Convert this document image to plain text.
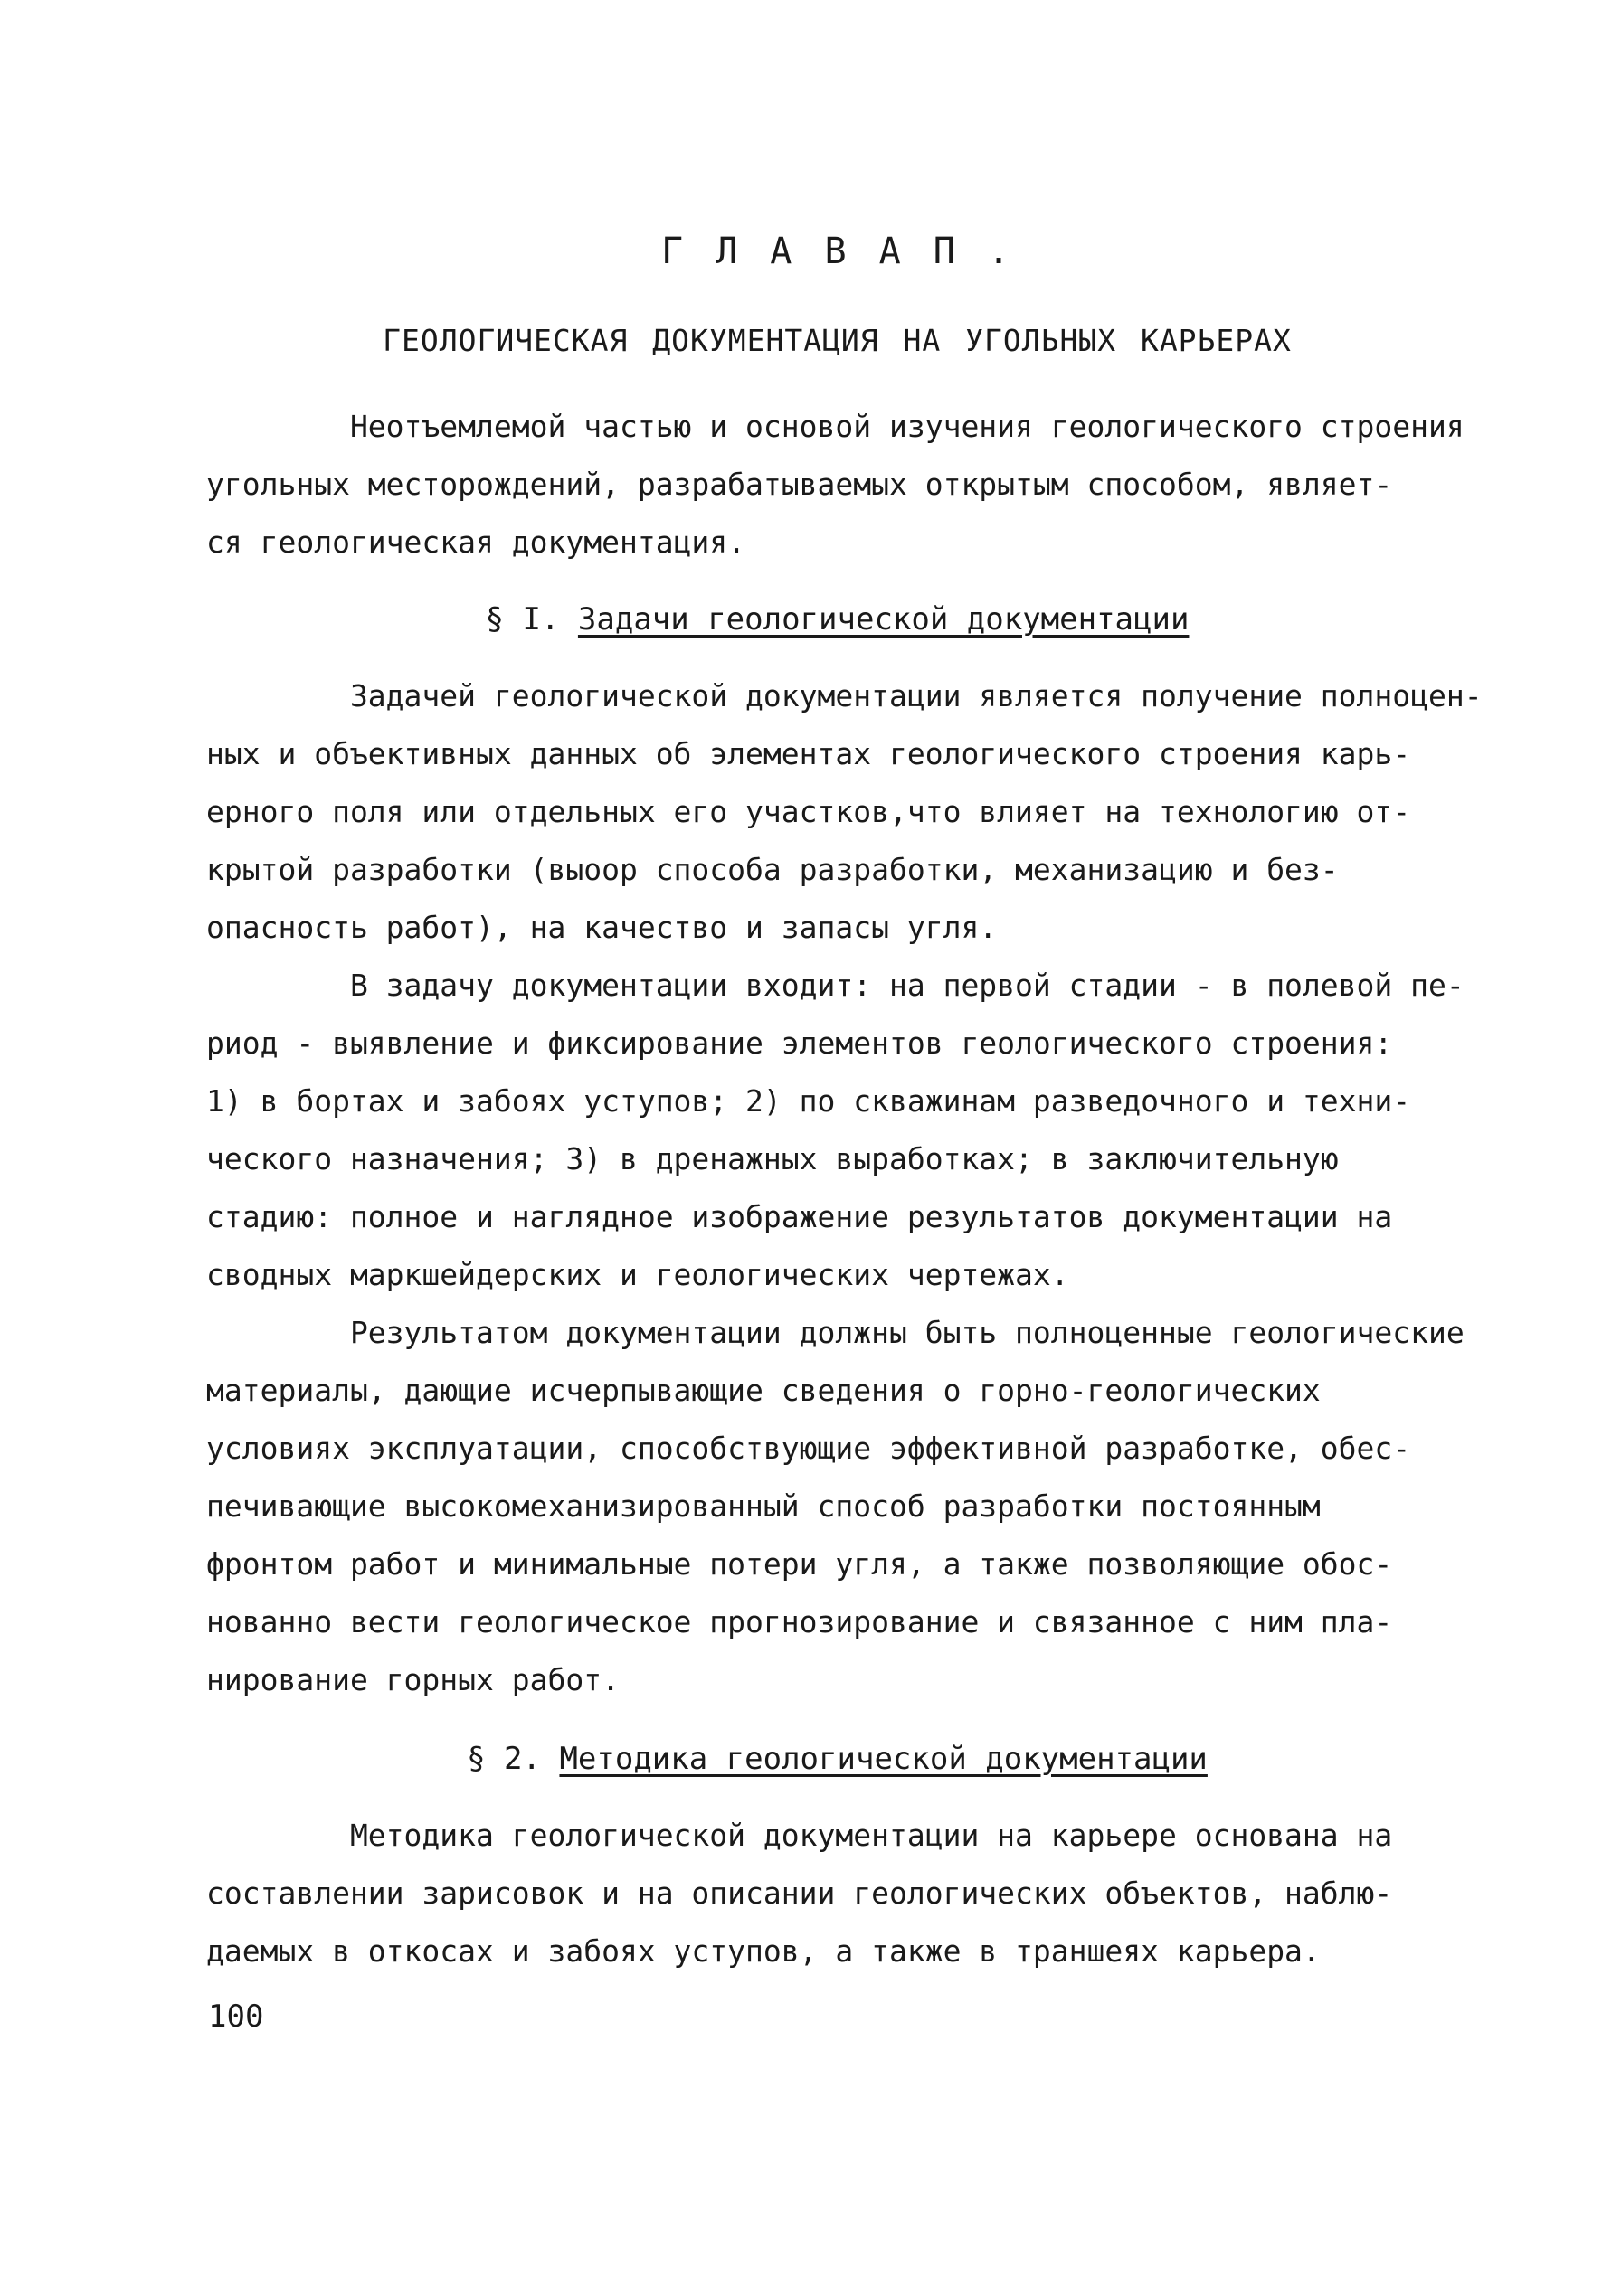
Г Л А В А П .
ГЕОЛОГИЧЕСКАЯ ДОКУМЕНТАЦИЯ НА УГОЛЬНЫХ КАРЬЕРАХ
Неотъемлемой частью и основой изучения геологического строения
угольных месторождений, разрабатываемых открытым способом, являет-
ся геологическая документация.
§ I. Задачи геологической документации
Задачей геологической документации является получение полноцен-
ных и объективных данных об элементах геологического строения карь-
ерного поля или отдельных его участков,что влияет на технологию от-
крытой разработки (выоор способа разработки, механизацию и без-
опасность работ), на качество и запасы угля.
В задачу документации входит: на первой стадии - в полевой пе-
риод - выявление и фиксирование элементов геологического строения:
1) в бортах и забоях уступов; 2) по скважинам разведочного и техни-
ческого назначения; 3) в дренажных выработках; в заключительную
стадию: полное и наглядное изображение результатов документации на
сводных маркшейдерских и геологических чертежах.
Результатом документации должны быть полноценные геологические
материалы, дающие исчерпывающие сведения о горно-геологических
условиях эксплуатации, способствующие эффективной разработке, обес-
печивающие высокомеханизированный способ разработки постоянным
фронтом работ и минимальные потери угля, а также позволяющие обос-
нованно вести геологическое прогнозирование и связанное с ним пла-
нирование горных работ.
§ 2. Методика геологической документации
Методика геологической документации на карьере основана на
составлении зарисовок и на описании геологических объектов, наблю-
даемых в откосах и забоях уступов, а также в траншеях карьера.
100
